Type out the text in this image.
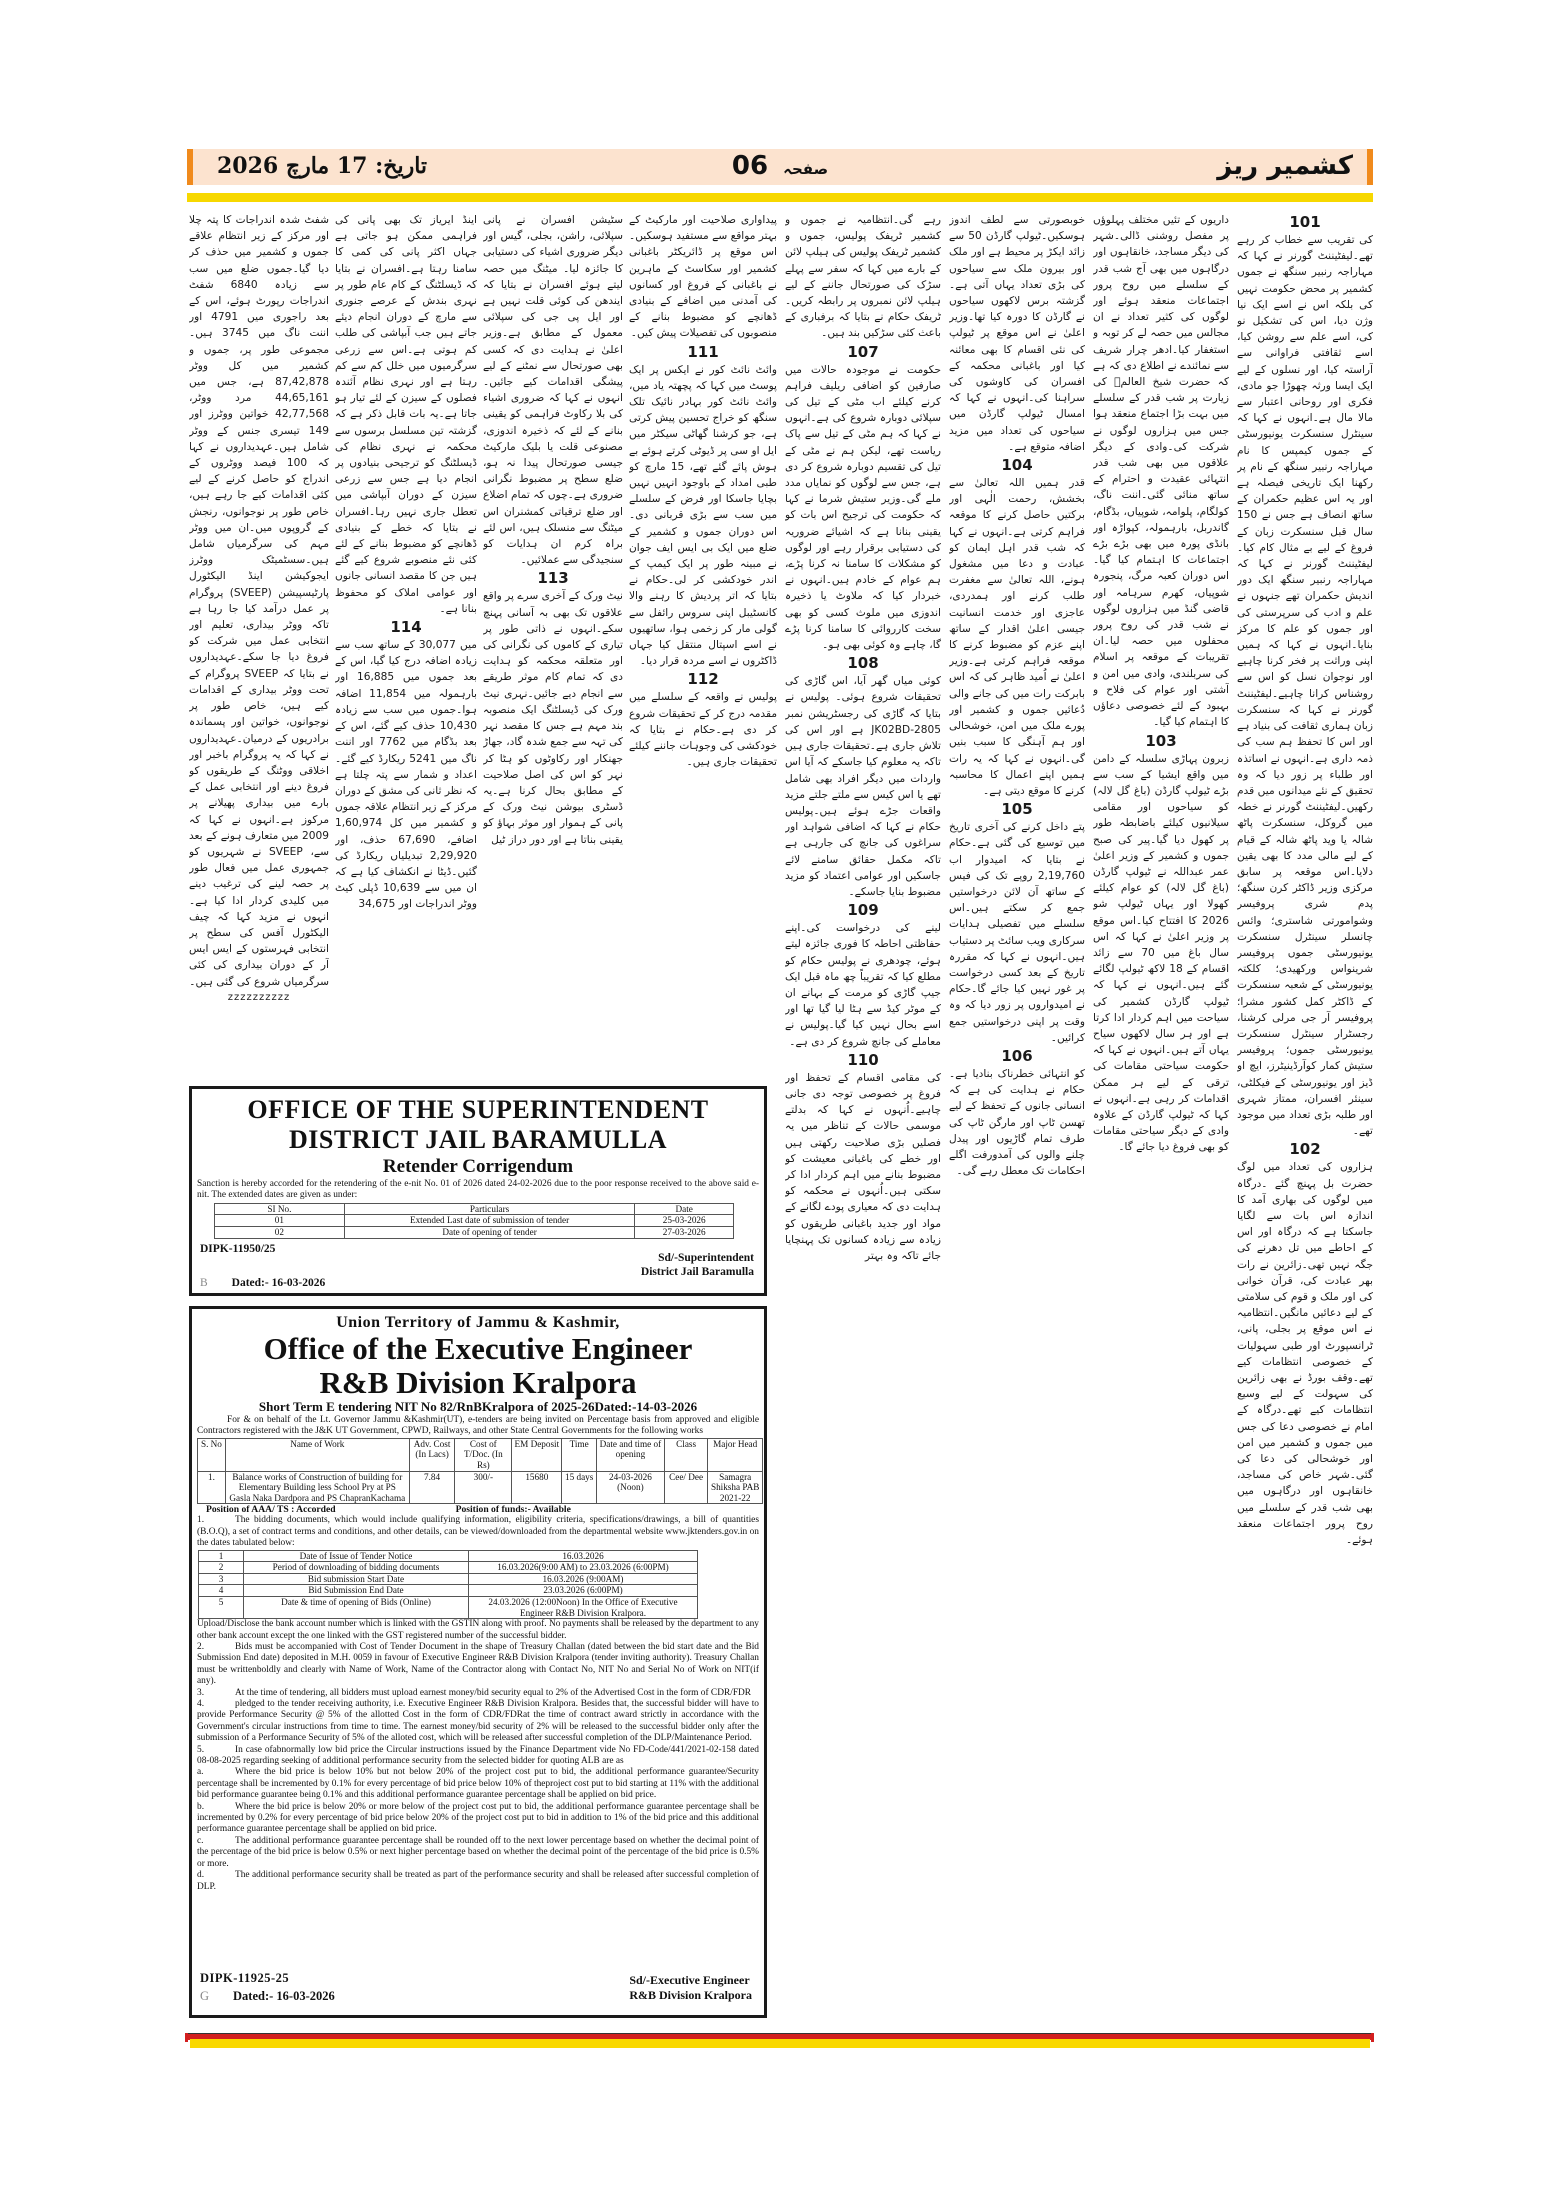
کشمیر ریز
صفحہ 06
تاریخ: 17 مارچ 2026
101

کی تقریب سے خطاب کر رہے تھے۔لیفٹیننٹ گورنر نے کہا کہ مہاراجہ رنبیر سنگھ نے جموں کشمیر پر محض حکومت نہیں کی بلکہ اس نے اسے ایک نیا وژن دیا، اس کی تشکیل نو کی، اسے علم سے روشن کیا، اسے ثقافتی فراوانی سے آراستہ کیا، اور نسلوں کے لیے ایک ایسا ورثہ چھوڑا جو مادی، فکری اور روحانی اعتبار سے مالا مال ہے۔انہوں نے کہا کہ سینٹرل سنسکرت یونیورسٹی کے جموں کیمپس کا نام مہاراجہ رنبیر سنگھ کے نام پر رکھنا ایک تاریخی فیصلہ ہے اور یہ اس عظیم حکمران کے ساتھ انصاف ہے جس نے 150 سال قبل سنسکرت زبان کے فروغ کے لیے بے مثال کام کیا۔لیفٹیننٹ گورنر نے کہا کہ مہاراجہ رنبیر سنگھ ایک دور اندیش حکمران تھے جنہوں نے علم و ادب کی سرپرستی کی اور جموں کو علم کا مرکز بنایا۔انہوں نے کہا کہ ہمیں اپنی وراثت پر فخر کرنا چاہیے اور نوجوان نسل کو اس سے روشناس کرانا چاہیے۔لیفٹیننٹ گورنر نے کہا کہ سنسکرت زبان ہماری ثقافت کی بنیاد ہے اور اس کا تحفظ ہم سب کی ذمہ داری ہے۔انہوں نے اساتذہ اور طلباء پر زور دیا کہ وہ تحقیق کے نئے میدانوں میں قدم رکھیں۔لیفٹیننٹ گورنر نے خطہ میں گروکل، سنسکرت پاٹھ شالہ یا وید پاٹھ شالہ کے قیام کے لیے مالی مدد کا بھی یقین دلایا۔اس موقعہ پر سابق مرکزی وزیر ڈاکٹر کرن سنگھ؛ پدم شری پروفیسر وشوامورتی شاستری؛ وائس چانسلر سینٹرل سنسکرت یونیورسٹی جموں پروفیسر شرینواس ورکھیدی؛ کلکتہ یونیورسٹی کے شعبہ سنسکرت کے ڈاکٹر کمل کشور مشرا؛ پروفیسر آر جی مرلی کرشنا، رجسٹرار سینٹرل سنسکرت یونیورسٹی جموں؛ پروفیسر ستیش کمار کوآرڈینیٹرز، ایچ او ڈیز اور یونیورسٹی کے فیکلٹی، سینئر افسران، ممتاز شہری اور طلبہ بڑی تعداد میں موجود تھے۔

102

ہزاروں کی تعداد میں لوگ حضرت بل پہنچ گئے ۔درگاہ میں لوگوں کی بھاری آمد کا اندازہ اس بات سے لگایا جاسکتا ہے کہ درگاہ اور اس کے احاطے میں تل دھرنے کی جگہ نہیں تھی۔زائرین نے رات بھر عبادت کی، قرآن خوانی کی اور ملک و قوم کی سلامتی کے لیے دعائیں مانگیں۔انتظامیہ نے اس موقع پر بجلی، پانی، ٹرانسپورٹ اور طبی سہولیات کے خصوصی انتظامات کیے تھے۔وقف بورڈ نے بھی زائرین کی سہولت کے لیے وسیع انتظامات کیے تھے۔درگاہ کے امام نے خصوصی دعا کی جس میں جموں و کشمیر میں امن اور خوشحالی کی دعا کی گئی۔شہر خاص کی مساجد، خانقاہوں اور درگاہوں میں بھی شب قدر کے سلسلے میں روح پرور اجتماعات منعقد ہوئے۔

داریوں کے تئیں مختلف پہلوؤں پر مفصل روشنی ڈالی۔شہر کی دیگر مساجد، خانقاہوں اور درگاہوں میں بھی آج شب قدر کے سلسلے میں روح پرور اجتماعات منعقد ہوئے اور لوگوں کی کثیر تعداد نے ان مجالس میں حصہ لے کر توبہ و استغفار کیا۔ادھر چرار شریف سے نمائندے نے اطلاع دی کہ ہے کہ حضرت شیخ العالمؒ کی زیارت پر شب قدر کے سلسلے میں بہت بڑا اجتماع منعقد ہوا جس میں ہزاروں لوگوں نے شرکت کی۔وادی کے دیگر علاقوں میں بھی شب قدر انتہائی عقیدت و احترام کے ساتھ منائی گئی۔اننت ناگ، کولگام، پلوامہ، شوپیاں، بڈگام، گاندربل، بارہمولہ، کپواڑہ اور بانڈی پورہ میں بھی بڑے بڑے اجتماعات کا اہتمام کیا گیا۔اس دوران کعبہ مرگ، پنجورہ شوپیاں، کھرم سرہامہ اور قاضی گنڈ میں ہزاروں لوگوں نے شب قدر کی روح پرور محفلوں میں حصہ لیا۔ان تقریبات کے موقعہ پر اسلام کی سربلندی، وادی میں امن و آشتی اور عوام کی فلاح و بہبود کے لئے خصوصی دعاؤں کا اہتمام کیا گیا۔

103

زبرون پہاڑی سلسلہ کے دامن میں واقع ایشیا کے سب سے بڑے ٹیولپ گارڈن (باغ گل لالہ) کو سیاحوں اور مقامی سیلانیوں کیلئے باضابطہ طور پر کھول دیا گیا۔پیر کی صبح جموں و کشمیر کے وزیر اعلیٰ عمر عبداللہ نے ٹیولپ گارڈن (باغ گل لالہ) کو عوام کیلئے کھولا اور یہاں ٹیولپ شو 2026 کا افتتاح کیا۔اس موقع پر وزیر اعلیٰ نے کہا کہ اس سال باغ میں 70 سے زائد اقسام کے 18 لاکھ ٹیولپ لگائے گئے ہیں۔انہوں نے کہا کہ ٹیولپ گارڈن کشمیر کی سیاحت میں اہم کردار ادا کرتا ہے اور ہر سال لاکھوں سیاح یہاں آتے ہیں۔انہوں نے کہا کہ حکومت سیاحتی مقامات کی ترقی کے لیے ہر ممکن اقدامات کر رہی ہے۔انہوں نے کہا کہ ٹیولپ گارڈن کے علاوہ وادی کے دیگر سیاحتی مقامات کو بھی فروغ دیا جائے گا۔

خوبصورتی سے لطف اندوز ہوسکیں۔ٹیولپ گارڈن 50 سے زائد ایکڑ پر محیط ہے اور ملک اور بیرون ملک سے سیاحوں کی بڑی تعداد یہاں آتی ہے۔گزشتہ برس لاکھوں سیاحوں نے گارڈن کا دورہ کیا تھا۔وزیر اعلیٰ نے اس موقع پر ٹیولپ کی نئی اقسام کا بھی معائنہ کیا اور باغبانی محکمہ کے افسران کی کاوشوں کی سراہنا کی۔انہوں نے کہا کہ امسال ٹیولپ گارڈن میں سیاحوں کی تعداد میں مزید اضافہ متوقع ہے۔

104

قدر ہمیں اللہ تعالیٰ سے بخشش، رحمت الٰہی اور برکتیں حاصل کرنے کا موقعہ فراہم کرتی ہے۔انہوں نے کہا کہ شب قدر اہل ایمان کو عبادت و دعا میں مشغول ہونے، اللہ تعالیٰ سے مغفرت طلب کرنے اور ہمدردی، عاجزی اور خدمت انسانیت جیسی اعلیٰ اقدار کے ساتھ اپنے عزم کو مضبوط کرنے کا موقعہ فراہم کرتی ہے۔وزیر اعلیٰ نے اُمید ظاہر کی کہ اس بابرکت رات میں کی جانے والی دُعائیں جموں و کشمیر اور پورے ملک میں امن، خوشحالی اور ہم آہنگی کا سبب بنیں گی۔انہوں نے کہا کہ یہ رات ہمیں اپنے اعمال کا محاسبہ کرنے کا موقع دیتی ہے۔

105

پتے داخل کرنے کی آخری تاریخ میں توسیع کی گئی ہے۔حکام نے بتایا کہ امیدوار اب 2,19,760 روپے تک کی فیس کے ساتھ آن لائن درخواستیں جمع کر سکتے ہیں۔اس سلسلے میں تفصیلی ہدایات سرکاری ویب سائٹ پر دستیاب ہیں۔انہوں نے کہا کہ مقررہ تاریخ کے بعد کسی درخواست پر غور نہیں کیا جائے گا۔حکام نے امیدواروں پر زور دیا کہ وہ وقت پر اپنی درخواستیں جمع کرائیں۔

106

کو انتہائی خطرناک بنادیا ہے۔حکام نے ہدایت کی ہے کہ انسانی جانوں کے تحفظ کے لیے تھسن ٹاپ اور مارگن ٹاپ کی طرف تمام گاڑیوں اور پیدل چلنے والوں کی آمدورفت اگلے احکامات تک معطل رہے گی۔

رہے گی۔انتظامیہ نے جموں و کشمیر ٹریفک پولیس، جموں و کشمیر ٹریفک پولیس کی ہیلپ لائن کے بارے میں کہا کہ سفر سے پہلے سڑک کی صورتحال جاننے کے لیے ہیلپ لائن نمبروں پر رابطہ کریں۔ٹریفک حکام نے بتایا کہ برفباری کے باعث کئی سڑکیں بند ہیں۔

107

حکومت نے موجودہ حالات میں صارفین کو اضافی ریلیف فراہم کرنے کیلئے اب مٹی کے تیل کی سپلائی دوبارہ شروع کی ہے۔انہوں نے کہا کہ ہم مٹی کے تیل سے پاک ریاست تھے، لیکن ہم نے مٹی کے تیل کی تقسیم دوبارہ شروع کر دی ہے، جس سے لوگوں کو نمایاں مدد ملے گی۔وزیر ستیش شرما نے کہا کہ حکومت کی ترجیح اس بات کو یقینی بنانا ہے کہ اشیائے ضروریہ کی دستیابی برقرار رہے اور لوگوں کو مشکلات کا سامنا نہ کرنا پڑے، ہم عوام کے خادم ہیں۔انہوں نے خبردار کیا کہ ملاوٹ یا ذخیرہ اندوزی میں ملوث کسی کو بھی سخت کارروائی کا سامنا کرنا پڑے گا، چاہے وہ کوئی بھی ہو۔

108

کوئی میاں گھر آیا، اس گاڑی کی تحقیقات شروع ہوئی۔ پولیس نے بتایا کہ گاڑی کی رجسٹریشن نمبر JK02BD-2805 ہے اور اس کی تلاش جاری ہے۔تحقیقات جاری ہیں تاکہ یہ معلوم کیا جاسکے کہ آیا اس واردات میں دیگر افراد بھی شامل تھے یا اس کیس سے ملتے جلتے مزید واقعات جڑے ہوئے ہیں۔پولیس حکام نے کہا کہ اضافی شواہد اور سراغوں کی جانچ کی جارہی ہے تاکہ مکمل حقائق سامنے لائے جاسکیں اور عوامی اعتماد کو مزید مضبوط بنایا جاسکے۔

109

لینے کی درخواست کی۔اپنے حفاظتی احاطہ کا فوری جائزہ لیتے ہوئے، چودھری نے پولیس حکام کو مطلع کیا کہ تقریباً چھ ماہ قبل ایک جیپ گاڑی کو مرمت کے بہانے ان کے موٹر کیڈ سے ہٹا لیا گیا تھا اور اسے بحال نہیں کیا گیا۔پولیس نے معاملے کی جانچ شروع کر دی ہے۔

110

کی مقامی اقسام کے تحفظ اور فروغ پر خصوصی توجہ دی جانی چاہیے۔اُنہوں نے کہا کہ بدلتے موسمی حالات کے تناظر میں یہ فصلیں بڑی صلاحیت رکھتی ہیں اور خطے کی باغبانی معیشت کو مضبوط بنانے میں اہم کردار ادا کر سکتی ہیں۔اُنہوں نے محکمہ کو ہدایت دی کہ معیاری پودے لگانے کے مواد اور جدید باغبانی طریقوں کو زیادہ سے زیادہ کسانوں تک پہنچایا جائے تاکہ وہ بہتر

پیداواری صلاحیت اور مارکیٹ کے بہتر مواقع سے مستفید ہوسکیں۔اس موقع پر ڈائریکٹر باغبانی کشمیر اور سکاسٹ کے ماہرین نے باغبانی کے فروغ اور کسانوں کی آمدنی میں اضافے کے بنیادی ڈھانچے کو مضبوط بنانے کے منصوبوں کی تفصیلات پیش کیں۔

111

وائٹ نائٹ کور نے ایکس پر ایک پوسٹ میں کہا کہ پچھتہ یاد میں، وائٹ نائٹ کور بہادر نائیک تلک سنگھ کو خراج تحسین پیش کرتی ہے، جو کرشنا گھاٹی سیکٹر میں ایل او سی پر ڈیوٹی کرتے ہوئے بے ہوش پائے گئے تھے، 15 مارچ کو طبی امداد کے باوجود انہیں نہیں بچایا جاسکا اور فرض کے سلسلے میں سب سے بڑی قربانی دی۔اس دوران جموں و کشمیر کے ضلع میں ایک بی ایس ایف جوان نے مبینہ طور پر ایک کیمپ کے اندر خودکشی کر لی۔حکام نے بتایا کہ اتر پردیش کا رہنے والا کانسٹیبل اپنی سروس رائفل سے گولی مار کر زخمی ہوا، ساتھیوں نے اسے اسپتال منتقل کیا جہاں ڈاکٹروں نے اسے مردہ قرار دیا۔

112

پولیس نے واقعہ کے سلسلے میں مقدمہ درج کر کے تحقیقات شروع کر دی ہے۔حکام نے بتایا کہ خودکشی کی وجوہات جاننے کیلئے تحقیقات جاری ہیں۔

سٹیشن افسران نے پانی سپلائی، راشن، بجلی، گیس اور دیگر ضروری اشیاء کی دستیابی کا جائزہ لیا۔ میٹنگ میں حصہ لیتے ہوئے افسران نے بتایا کہ ایندھن کی کوئی قلت نہیں ہے اور ایل پی جی کی سپلائی معمول کے مطابق ہے۔وزیر اعلیٰ نے ہدایت دی کہ کسی بھی صورتحال سے نمٹنے کے لیے پیشگی اقدامات کیے جائیں۔انہوں نے کہا کہ ضروری اشیاء کی بلا رکاوٹ فراہمی کو یقینی بنانے کے لئے کہ ذخیرہ اندوزی، مصنوعی قلت یا بلیک مارکیٹ جیسی صورتحال پیدا نہ ہو، ضلع سطح پر مضبوط نگرانی ضروری ہے۔چوں کہ تمام اضلاع اور ضلع ترقیاتی کمشنران اس میٹنگ سے منسلک ہیں، اس لئے براہ کرم ان ہدایات کو سنجیدگی سے عملائیں۔

113

نیٹ ورک کے آخری سرے پر واقع علاقوں تک بھی بہ آسانی پہنچ سکے۔انہوں نے ذاتی طور پر تیاری کے کاموں کی نگرانی کی اور متعلقہ محکمہ کو ہدایت دی کہ تمام کام موثر طریقے سے انجام دیے جائیں۔نہری نیٹ ورک کی ڈیسلٹنگ ایک منصوبہ بند مہم ہے جس کا مقصد نہر کی تہہ سے جمع شدہ گاد، جھاڑ جھنکار اور رکاوٹوں کو ہٹا کر نہر کو اس کی اصل صلاحیت کے مطابق بحال کرنا ہے۔یہ ڈسٹری بیوشن نیٹ ورک کے پانی کے ہموار اور موثر بہاؤ کو یقینی بناتا ہے اور دور دراز ٹیل

اینڈ ایریاز تک بھی پانی کی فراہمی ممکن ہو جاتی ہے جہاں اکثر پانی کی کمی کا سامنا رہتا ہے۔افسران نے بتایا کہ ڈیسلٹنگ کے کام عام طور پر نہری بندش کے عرصے جنوری سے مارچ کے دوران انجام دیئے جاتے ہیں جب آبپاشی کی طلب کم ہوتی ہے۔اس سے زرعی سرگرمیوں میں خلل کم سے کم رہتا ہے اور نہری نظام آئندہ فصلوں کے سیزن کے لئے تیار ہو جاتا ہے۔یہ بات قابل ذکر ہے کہ گزشتہ تین مسلسل برسوں سے محکمہ نے نہری نظام کی ڈیسلٹنگ کو ترجیحی بنیادوں پر انجام دیا ہے جس سے زرعی سیزن کے دوران آبپاشی میں تعطل جاری نہیں رہا۔افسران نے بتایا کہ خطے کے بنیادی ڈھانچے کو مضبوط بنانے کے لئے کئی نئے منصوبے شروع کیے گئے ہیں جن کا مقصد انسانی جانوں اور عوامی املاک کو محفوظ بنانا ہے۔

114

میں 30,077 کے ساتھ سب سے زیادہ اضافہ درج کیا گیا، اس کے بعد جموں میں 16,885 اور بارہمولہ میں 11,854 اضافہ ہوا۔جموں میں سب سے زیادہ 10,430 حذف کیے گئے، اس کے بعد بڈگام میں 7762 اور اننت ناگ میں 5241 ریکارڈ کیے گئے۔اعداد و شمار سے پتہ چلتا ہے کہ نظر ثانی کی مشق کے دوران مرکز کے زیر انتظام علاقہ جموں و کشمیر میں کل 1,60,974 اضافے، 67,690 حذف، اور 2,29,920 تبدیلیاں ریکارڈ کی گئیں۔ڈیٹا نے انکشاف کیا ہے کہ ان میں سے 10,639 ڈپلی کیٹ ووٹر اندراجات اور 34,675

شفٹ شدہ اندراجات کا پتہ چلا اور مرکز کے زیر انتظام علاقے جموں و کشمیر میں حذف کر دیا گیا۔جموں ضلع میں سب سے زیادہ 6840 شفٹ اندراجات رپورٹ ہوئے، اس کے بعد راجوری میں 4791 اور اننت ناگ میں 3745 ہیں۔مجموعی طور پر، جموں و کشمیر میں کل ووٹر 87,42,878 ہے، جس میں 44,65,161 مرد ووٹر، 42,77,568 خواتین ووٹرز اور 149 تیسری جنس کے ووٹر شامل ہیں۔عہدیداروں نے کہا کہ 100 فیصد ووٹروں کے اندراج کو حاصل کرنے کے لیے کئی اقدامات کیے جا رہے ہیں، خاص طور پر نوجوانوں، رنجش کے گروپوں میں۔ان میں ووٹر مہم کی سرگرمیاں شامل ہیں۔سسٹمیٹک ووٹرز ایجوکیشن اینڈ الیکٹورل پارٹیسپیشن (SVEEP) پروگرام پر عمل درآمد کیا جا رہا ہے تاکہ ووٹر بیداری، تعلیم اور انتخابی عمل میں شرکت کو فروغ دیا جا سکے۔عہدیداروں نے بتایا کہ SVEEP پروگرام کے تحت ووٹر بیداری کے اقدامات کیے ہیں، خاص طور پر نوجوانوں، خواتین اور پسماندہ برادریوں کے درمیان۔عہدیداروں نے کہا کہ یہ پروگرام باخبر اور اخلاقی ووٹنگ کے طریقوں کو فروغ دینے اور انتخابی عمل کے بارے میں بیداری پھیلانے پر مرکوز ہے۔انہوں نے کہا کہ 2009 میں متعارف ہونے کے بعد سے، SVEEP نے شہریوں کو جمہوری عمل میں فعال طور پر حصہ لینے کی ترغیب دینے میں کلیدی کردار ادا کیا ہے۔انہوں نے مزید کہا کہ چیف الیکٹورل آفس کی سطح پر انتخابی فہرستوں کے ایس ایس آر کے دوران بیداری کی کئی سرگرمیاں شروع کی گئی ہیں۔

zzzzzzzzzz
OFFICE OF THE SUPERINTENDENT
DISTRICT JAIL BARAMULLA
Retender Corrigendum
Sanction is hereby accorded for the retendering of the e-nit No. 01 of 2026 dated 24-02-2026 due to the poor response received to the above said e-nit. The extended dates are given as under:
SI No.	Particulars	Date
01	Extended Last date of submission of tender	25-03-2026
02	Date of opening of tender	27-03-2026
DIPK-11950/25
Sd/-Superintendent
District Jail Baramulla
B Dated:- 16-03-2026
Union Territory of Jammu & Kashmir,
Office of the Executive Engineer
R&B Division Kralpora
Short Term E tendering NIT No 82/RnBKralpora of 2025-26Dated:-14-03-2026
For & on behalf of the Lt. Governor Jammu &Kashmir(UT), e-tenders are being invited on Percentage basis from approved and eligible Contractors registered with the J&K UT Government, CPWD, Railways, and other State Central Governments for the following works
S. No	Name of Work	Adv. Cost (In Lacs)	Cost of T/Doc. (In Rs)	EM Deposit	Time	Date and time of opening	Class	Major Head
1.	Balance works of Construction of building for Elementary Building less School Pry at PS Gasla Naka Dardpora and PS ChapranKachama	7.84	300/-	15680	15 days	24-03-2026 (Noon)	Cee/ Dee	Samagra Shiksha PAB 2021-22
Position of AAA/ TS : Accorded	Position of funds:- Available
1.	The bidding documents, which would include qualifying information, eligibility criteria, specifications/drawings, a bill of quantities (B.O.Q), a set of contract terms and conditions, and other details, can be viewed/downloaded from the departmental website www.jktenders.gov.in on the dates tabulated below:
1	Date of Issue of Tender Notice	16.03.2026
2	Period of downloading of bidding documents	16.03.2026(9:00 AM) to 23.03.2026 (6:00PM)
3	Bid submission Start Date	16.03.2026 (9:00AM)
4	Bid Submission End Date	23.03.2026 (6:00PM)
5	Date & time of opening of Bids (Online)	24.03.2026 (12:00Noon) In the Office of Executive Engineer R&B Division Kralpora.
Upload/Disclose the bank account number which is linked with the GSTIN along with proof. No payments shall be released by the department to any other bank account except the one linked with the GST registered number of the successful bidder.
2.	Bids must be accompanied with Cost of Tender Document in the shape of Treasury Challan (dated between the bid start date and the Bid Submission End date) deposited in M.H. 0059 in favour of Executive Engineer R&B Division Kralpora (tender inviting authority). Treasury Challan must be writtenboldly and clearly with Name of Work, Name of the Contractor along with Contact No, NIT No and Serial No of Work on NIT(if any).
3.	At the time of tendering, all bidders must upload earnest money/bid security equal to 2% of the Advertised Cost in the form of CDR/FDR
4.	pledged to the tender receiving authority, i.e. Executive Engineer R&B Division Kralpora. Besides that, the successful bidder will have to provide Performance Security @ 5% of the allotted Cost in the form of CDR/FDRat the time of contract award strictly in accordance with the Government's circular instructions from time to time. The earnest money/bid security of 2% will be released to the successful bidder only after the submission of a Performance Security of 5% of the alloted cost, which will be released after successful completion of the DLP/Maintenance Period.
5.	In case ofabnormally low bid price the Circular instructions issued by the Finance Department vide No FD-Code/441/2021-02-158 dated 08-08-2025 regarding seeking of additional performance security from the selected bidder for quoting ALB are as
a.	Where the bid price is below 10% but not below 20% of the project cost put to bid, the additional performance guarantee/Security percentage shall be incremented by 0.1% for every percentage of bid price below 10% of theproject cost put to bid starting at 11% with the additional bid performance guarantee being 0.1% and this additional performance guarantee percentage shall be applied on bid price.
b.	Where the bid price is below 20% or more below of the project cost put to bid, the additional performance guarantee percentage shall be incremented by 0.2% for every percentage of bid price below 20% of the project cost put to bid in addition to 1% of the bid price and this additional performance guarantee percentage shall be applied on bid price.
c.	The additional performance guarantee percentage shall be rounded off to the next lower percentage based on whether the decimal point of the percentage of the bid price is below 0.5% or next higher percentage based on whether the decimal point of the percentage of the bid price is 0.5% or more.
d.	The additional performance security shall be treated as part of the performance security and shall be released after successful completion of DLP.
DIPK-11925-25
G Dated:- 16-03-2026
Sd/-Executive Engineer
R&B Division Kralpora
